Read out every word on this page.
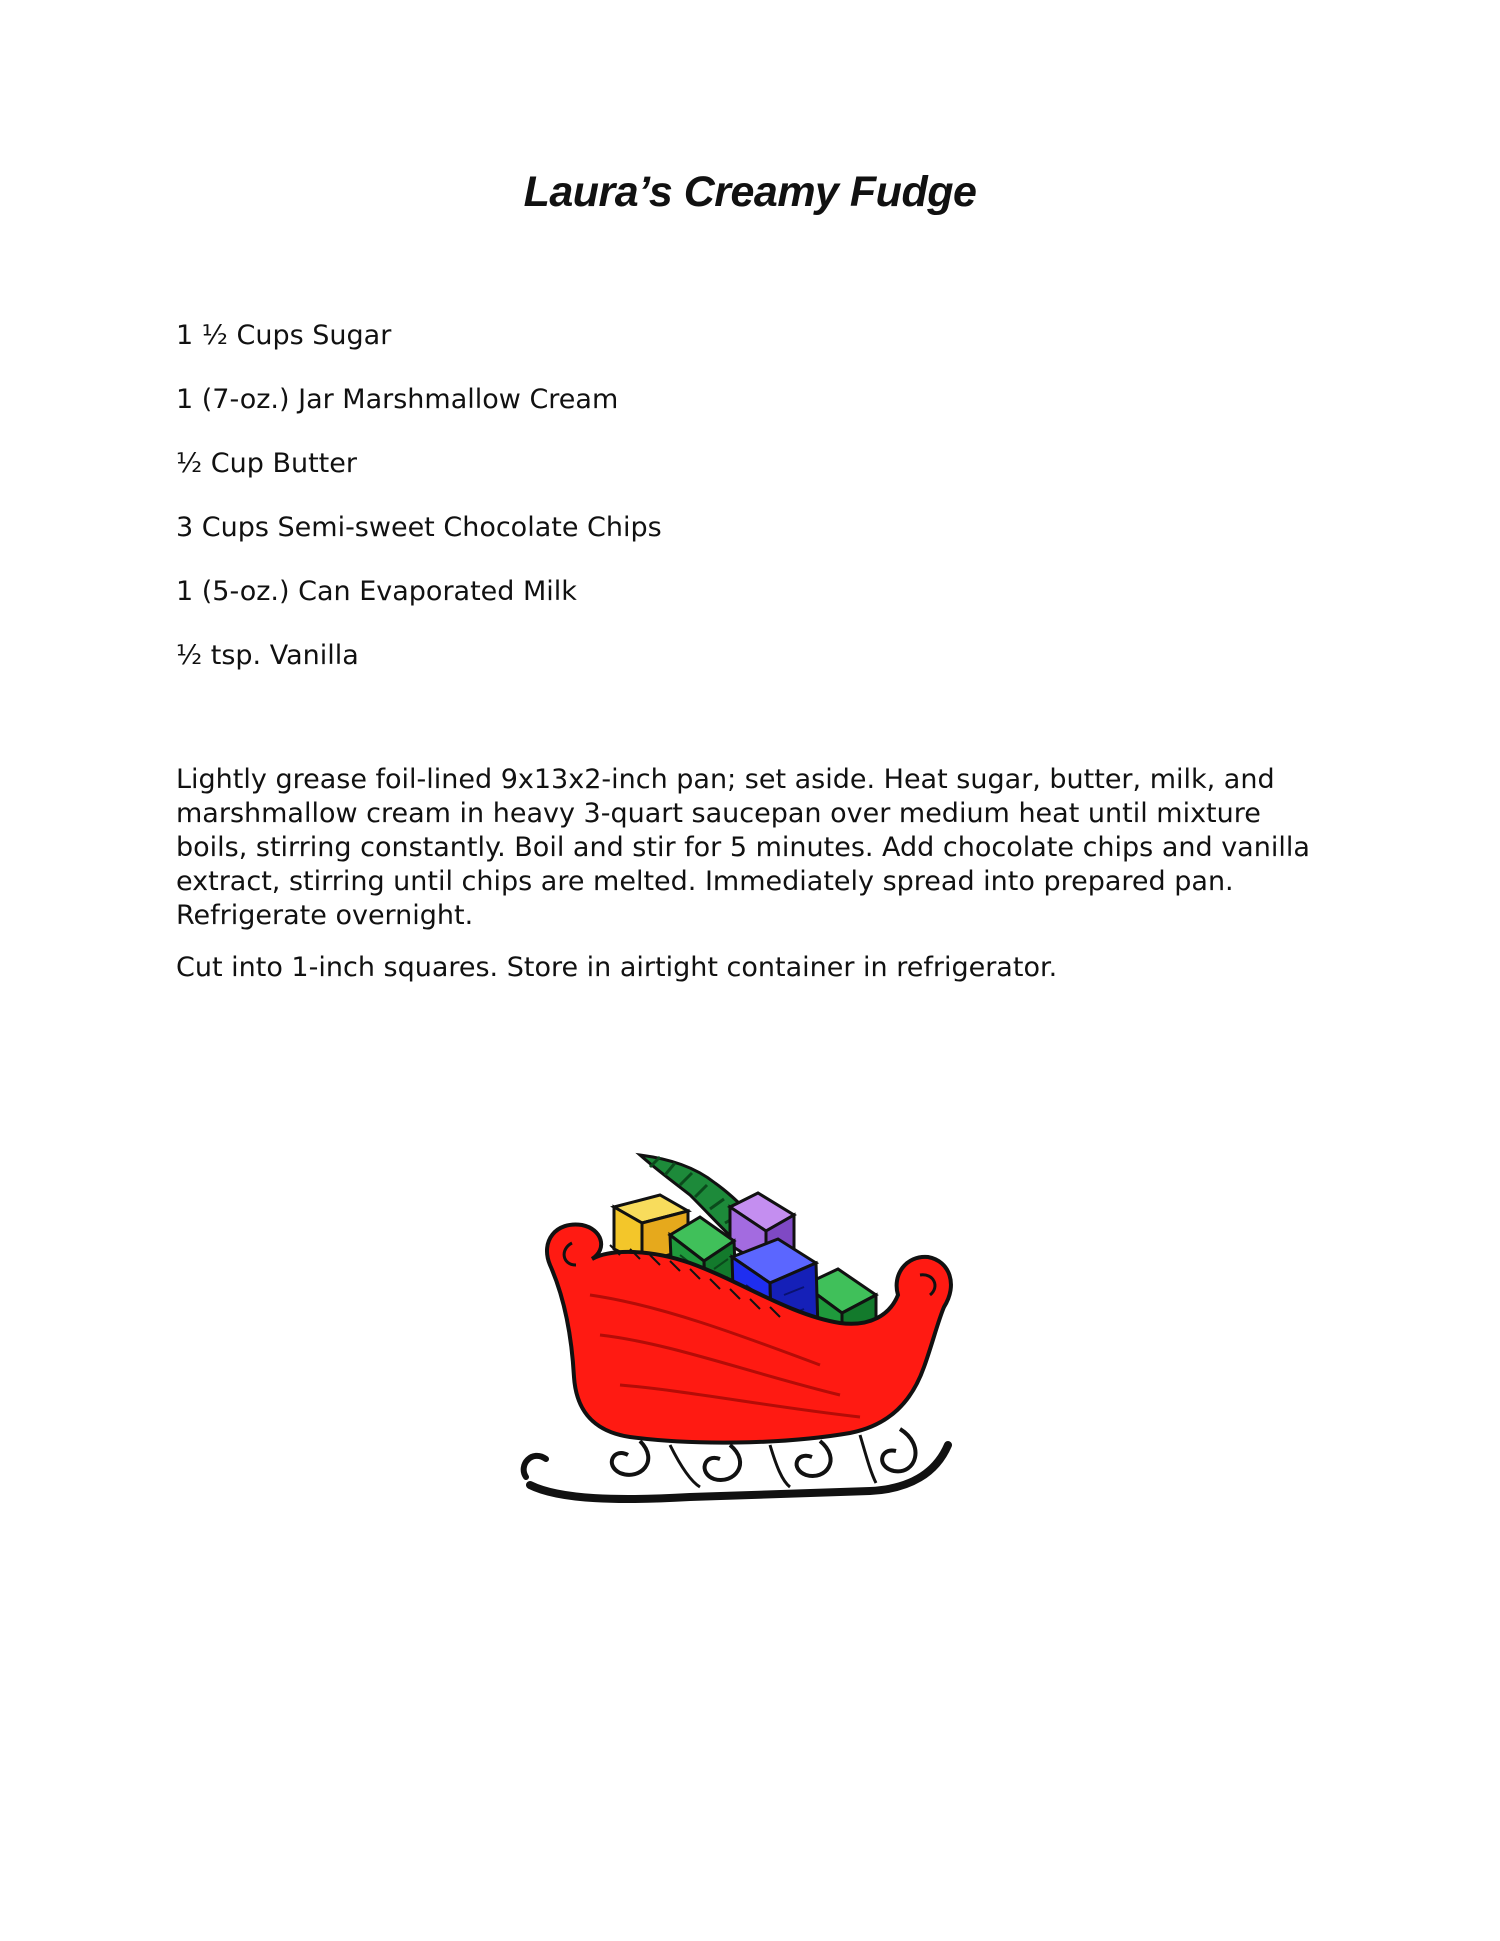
Laura’s Creamy Fudge
1 ½ Cups Sugar
1 (7-oz.) Jar Marshmallow Cream
½ Cup Butter
3 Cups Semi-sweet Chocolate Chips
1 (5-oz.) Can Evaporated Milk
½ tsp. Vanilla

Lightly grease foil-lined 9x13x2-inch pan; set aside. Heat sugar, butter, milk, and marshmallow cream in heavy 3-quart saucepan over medium heat until mixture boils, stirring constantly. Boil and stir for 5 minutes. Add chocolate chips and vanilla extract, stirring until chips are melted. Immediately spread into prepared pan. Refrigerate overnight.

Cut into 1-inch squares. Store in airtight container in refrigerator.
